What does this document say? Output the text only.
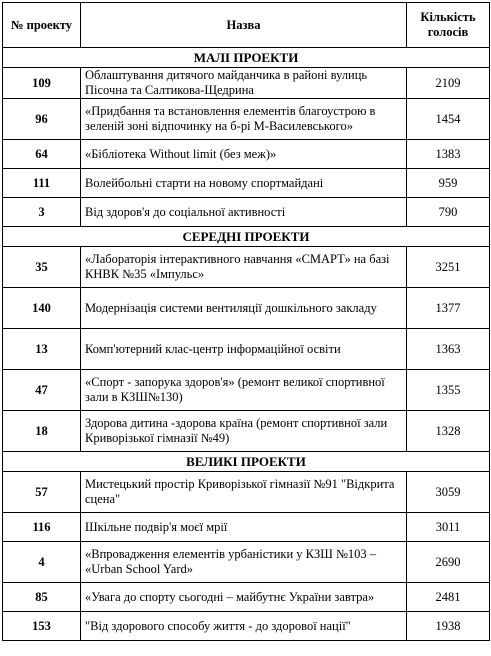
№ проекту	Назва	Кількість голосів
МАЛІ ПРОЕКТИ		
109	Облаштування дитячого майданчика в районі вулиць Пісочна та Салтикова-Щедрина	2109
96	«Придбання та встановлення елементів благоустрою в зеленій зоні відпочинку на б-рі М-Василевського»	1454
64	«Бібліотека Without limit (без меж)»	1383
111	Волейбольні старти на новому спортмайдані	959
3	Від здоров'я до соціальної активності	790
СЕРЕДНІ ПРОЕКТИ		
35	«Лабораторія інтерактивного навчання «СМАРТ» на базі КНВК №35 «Імпульс»	3251
140	Модернізація системи вентиляції дошкільного закладу	1377
13	Комп'ютерний клас-центр інформаційної освіти	1363
47	«Спорт - запорука здоров'я» (ремонт великої спортивної зали в КЗШ№130)	1355
18	Здорова дитина -здорова країна (ремонт спортивної зали Криворізької гімназії №49)	1328
ВЕЛИКІ ПРОЕКТИ		
57	Мистецький простір Криворізької гімназії №91 "Відкрита сцена"	3059
116	Шкільне подвір'я моєї мрії	3011
4	«Впровадження елементів урбаністики у КЗШ №103 – «Urban School Yard»	2690
85	«Увага до спорту сьогодні – майбутнє України завтра»	2481
153	"Від здорового способу життя - до здорової нації"	1938
